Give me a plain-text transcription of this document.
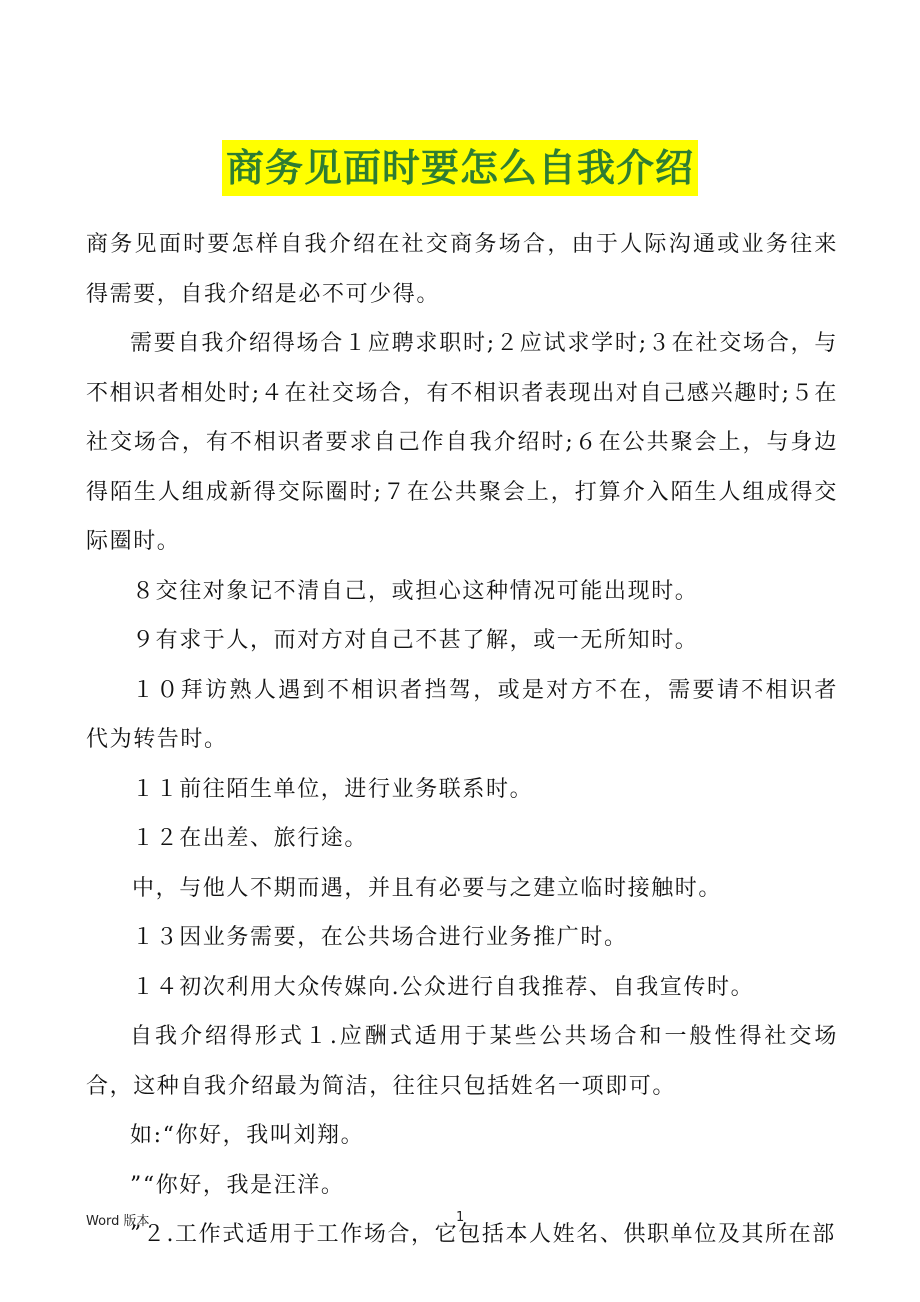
商务见面时要怎么自我介绍

商务见面时要怎样自我介绍在社交商务场合，由于人际沟通或业务往来得需要，自我介绍是必不可少得。

需要自我介绍得场合１应聘求职时;２应试求学时;３在社交场合，与不相识者相处时;４在社交场合，有不相识者表现出对自己感兴趣时;５在社交场合，有不相识者要求自己作自我介绍时;６在公共聚会上，与身边得陌生人组成新得交际圈时;７在公共聚会上，打算介入陌生人组成得交际圈时。

８交往对象记不清自己，或担心这种情况可能出现时。

９有求于人，而对方对自己不甚了解，或一无所知时。

１０拜访熟人遇到不相识者挡驾，或是对方不在，需要请不相识者代为转告时。

１１前往陌生单位，进行业务联系时。

１２在出差、旅行途。

中，与他人不期而遇，并且有必要与之建立临时接触时。

１３因业务需要，在公共场合进行业务推广时。

１４初次利用大众传媒向.公众进行自我推荐、自我宣传时。

自我介绍得形式１.应酬式适用于某些公共场合和一般性得社交场合，这种自我介绍最为简洁，往往只包括姓名一项即可。

如:“你好，我叫刘翔。

”“你好，我是汪洋。

”２.工作式适用于工作场合，它包括本人姓名、供职单位及其所在部

Word 版本	1
